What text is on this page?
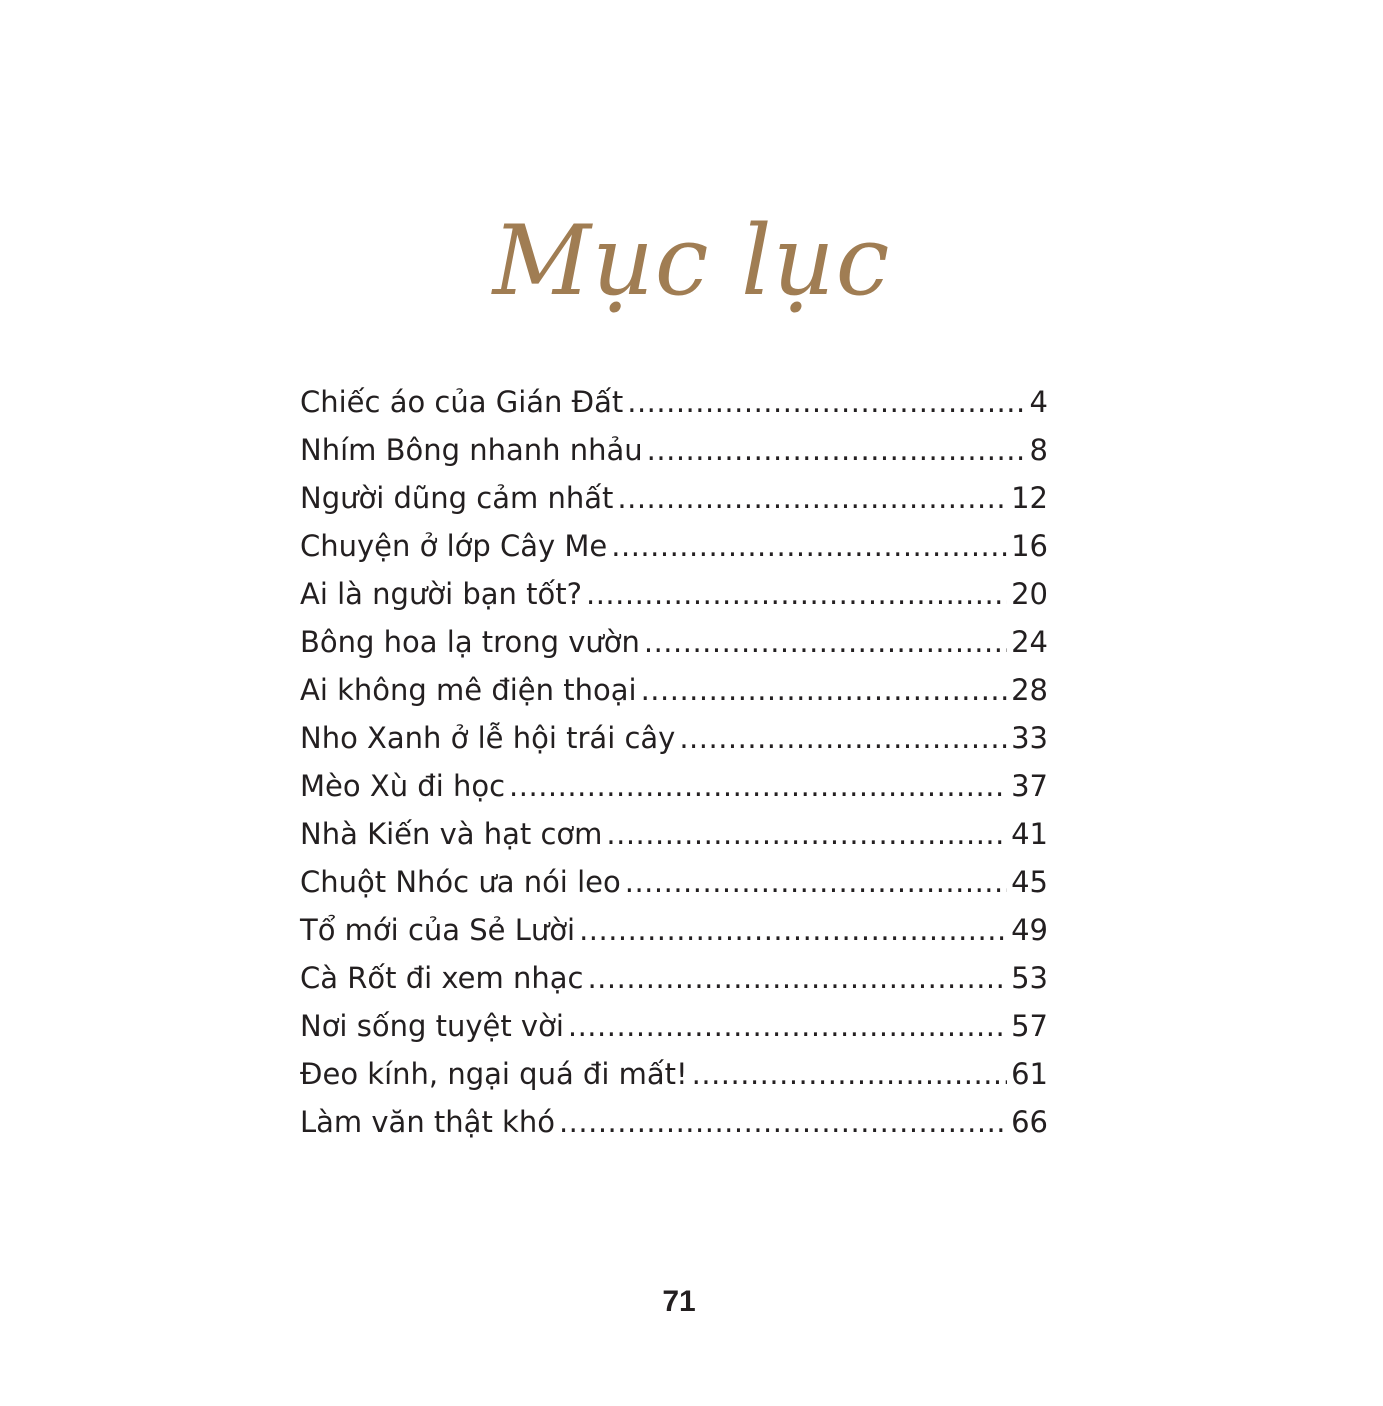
Mục lục
Chiếc áo của Gián Đất .....	4
Nhím Bông nhanh nhảu .....	8
Người dũng cảm nhất .....	12
Chuyện ở lớp Cây Me .....	16
Ai là người bạn tốt? .....	20
Bông hoa lạ trong vườn .....	24
Ai không mê điện thoại .....	28
Nho Xanh ở lễ hội trái cây .....	33
Mèo Xù đi học .....	37
Nhà Kiến và hạt cơm .....	41
Chuột Nhóc ưa nói leo .....	45
Tổ mới của Sẻ Lười .....	49
Cà Rốt đi xem nhạc .....	53
Nơi sống tuyệt vời .....	57
Đeo kính, ngại quá đi mất! .....	61
Làm văn thật khó .....	66
71
